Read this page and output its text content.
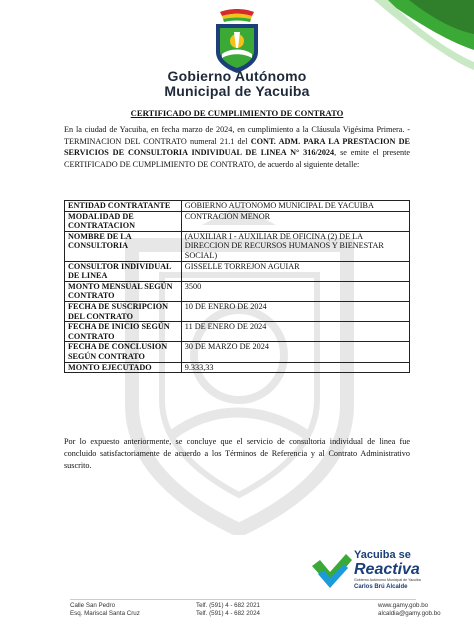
Gobierno Autónomo
Municipal de Yacuiba
CERTIFICADO DE CUMPLIMIENTO DE CONTRATO

En la ciudad de Yacuiba, en fecha marzo de 2024, en cumplimiento a la Cláusula Vigésima Primera. - TERMINACION DEL CONTRATO numeral 21.1 del CONT. ADM. PARA LA PRESTACION DE SERVICIOS DE CONSULTORIA INDIVIDUAL DE LINEA N° 316/2024, se emite el presente CERTIFICADO DE CUMPLIMIENTO DE CONTRATO, de acuerdo al siguiente detalle:

ENTIDAD CONTRATANTE	GOBIERNO AUTONOMO MUNICIPAL DE YACUIBA
MODALIDAD DE CONTRATACION	CONTRACION MENOR
NOMBRE DE LA CONSULTORIA	(AUXILIAR I - AUXILIAR DE OFICINA (2) DE LA DIRECCION DE RECURSOS HUMANOS Y BIENESTAR SOCIAL)
CONSULTOR INDIVIDUAL DE LINEA	GISSELLE TORREJON AGUIAR
MONTO MENSUAL SEGÚN CONTRATO	3500
FECHA DE SUSCRIPCION DEL CONTRATO	10 DE ENERO DE 2024
FECHA DE INICIO SEGÚN CONTRATO	11 DE ENERO DE 2024
FECHA DE CONCLUSION SEGÚN CONTRATO	30 DE MARZO DE 2024
MONTO EJECUTADO	9.333,33

Por lo expuesto anteriormente, se concluye que el servicio de consultoria individual de linea fue concluido satisfactoriamente de acuerdo a los Términos de Referencia y al Contrato Administrativo suscrito.

Yacuiba se
Reactiva
Gobierno Autónomo Municipal de Yacuiba
Carlos Brú Alcalde
Calle San Pedro
Esq. Mariscal Santa Cruz
Telf. (591) 4 - 682 2021
Telf. (591) 4 - 682 2024
www.gamy.gob.bo
alcaldia@gamy.gob.bo
